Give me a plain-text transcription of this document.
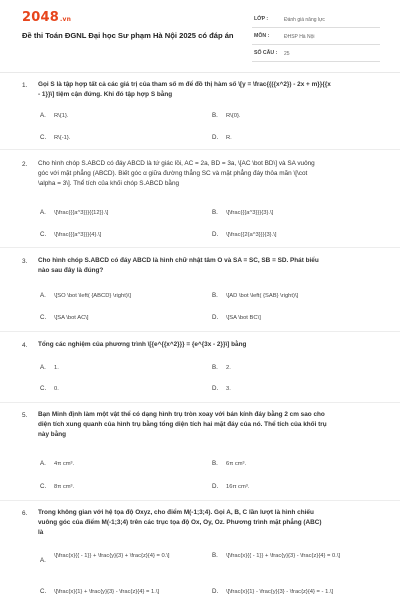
2048.vn
Đề thi Toán ĐGNL Đại học Sư phạm Hà Nội 2025 có đáp án
LỚP :	Đánh giá năng lực
MÔN :	ĐHSP Hà Nội
SỐ CÂU : 25
1. Gọi S là tập hợp tất cả các giá trị của tham số m để đồ thị hàm số \[y = \frac{{({x^2}) - 2x + m}}{{x
- 1}}\] tiệm cận đứng. Khi đó tập hợp S bằng
A. R\{1}.	B. R\{0}.
C. R\{-1}.	D. R.
2. Cho hình chóp S.ABCD có đáy ABCD là tứ giác lồi, AC = 2a, BD = 3a, \[AC \bot BD\] và SA vuông
góc với mặt phẳng (ABCD). Biết góc α giữa đường thẳng SC và mặt phẳng đáy thỏa mãn \[\cot
\alpha = 3\]. Thể tích của khối chóp S.ABCD bằng
A. \[\frac{{{a^3}}}{{12}}.\]	B. \[\frac{{{a^3}}}{3}.\]
C. \[\frac{{{a^3}}}{4}.\]	D. \[\frac{{2{a^3}}}{3}.\]
3. Cho hình chóp S.ABCD có đáy ABCD là hình chữ nhật tâm O và SA = SC, SB = SD. Phát biểu
nào sau đây là đúng?
A. \[SO \bot \left( {ABCD} \right)\]	B. \[AD \bot \left( {SAB} \right)\]
C. \[SA \bot AC\]	D. \[SA \bot BC\]
4. Tổng các nghiệm của phương trình \[{e^{{x^2}}} = {e^{3x - 2}}\] bằng
A. 1.	B. 2.
C. 0.	D. 3.
5. Bạn Minh định làm một vật thể có dạng hình trụ tròn xoay với bán kính đáy bằng 2 cm sao cho
diện tích xung quanh của hình trụ bằng tổng diện tích hai mặt đáy của nó. Thể tích của khối trụ
này bằng
A. 4π cm³.	B. 6π cm³.
C. 8π cm³.	D. 16π cm³.
6. Trong không gian với hệ tọa độ Oxyz, cho điểm M(-1;3;4). Gọi A, B, C lần lượt là hình chiếu
vuông góc của điểm M(-1;3;4) trên các trục tọa độ Ox, Oy, Oz. Phương trình mặt phẳng (ABC)
là
A.\[\frac{x}{{ - 1}} + \frac{y}{3} + \frac{z}{4} = 0.\]	B. \[\frac{x}{{ - 1}} + \frac{y}{3} - \frac{z}{4} = 0.\]
C. \[\frac{x}{1} + \frac{y}{3} - \frac{z}{4} = 1.\]	D. \[\frac{x}{1} - \frac{y}{3} - \frac{z}{4} = - 1.\]
